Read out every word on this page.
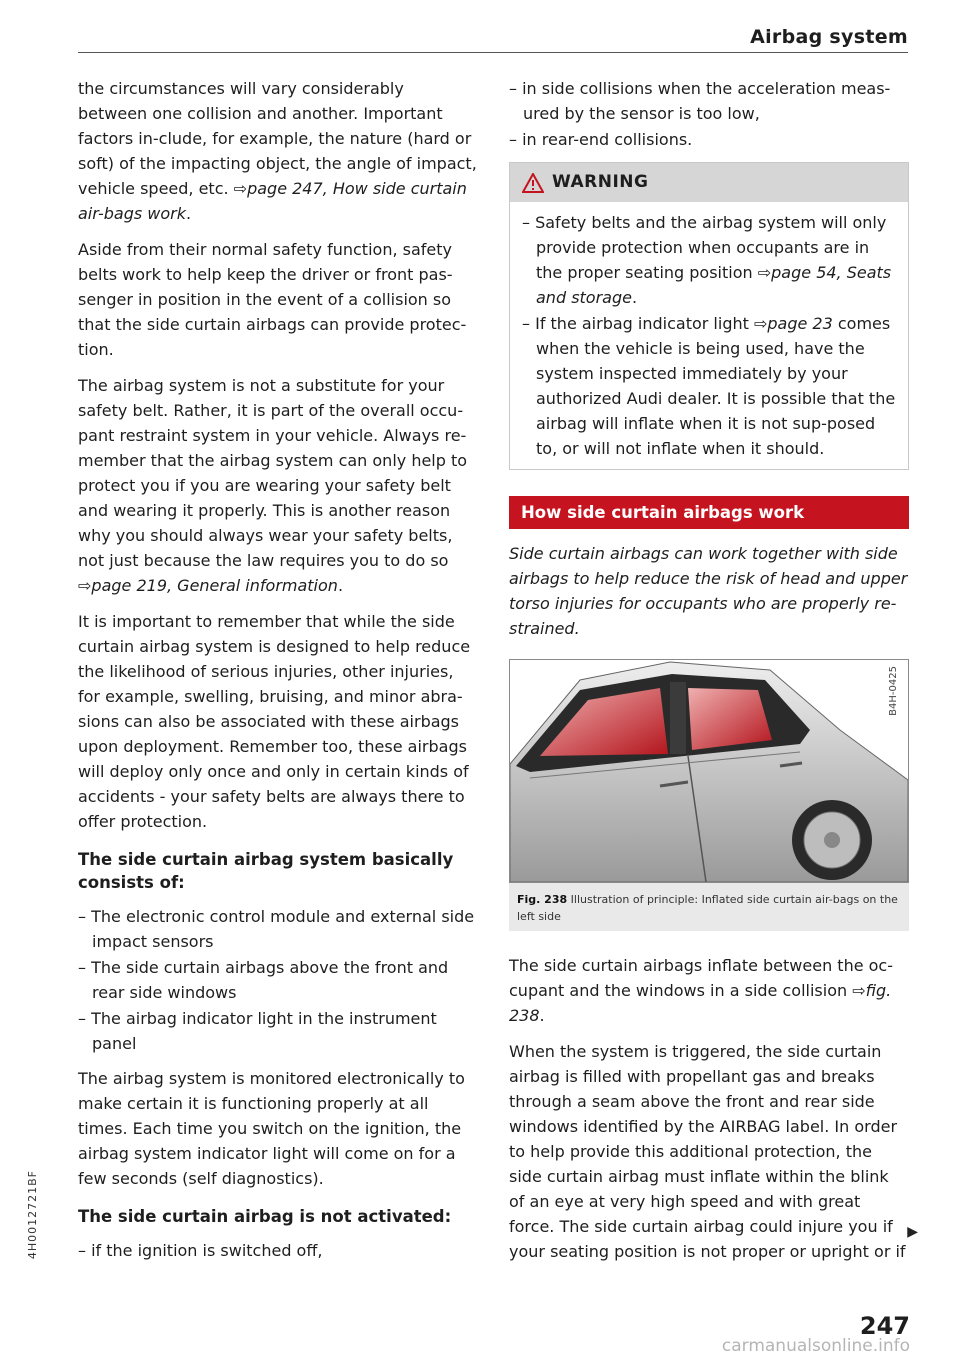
Airbag system

the circumstances will vary considerably between one collision and another. Important factors in-clude, for example, the nature (hard or soft) of the impacting object, the angle of impact, vehicle speed, etc. ⇨page 247, How side curtain air-bags work.

Aside from their normal safety function, safety belts work to help keep the driver or front pas-senger in position in the event of a collision so that the side curtain airbags can provide protec-tion.

The airbag system is not a substitute for your safety belt. Rather, it is part of the overall occu-pant restraint system in your vehicle. Always re-member that the airbag system can only help to protect you if you are wearing your safety belt and wearing it properly. This is another reason why you should always wear your safety belts, not just because the law requires you to do so ⇨page 219, General information.

It is important to remember that while the side curtain airbag system is designed to help reduce the likelihood of serious injuries, other injuries, for example, swelling, bruising, and minor abra-sions can also be associated with these airbags upon deployment. Remember too, these airbags will deploy only once and only in certain kinds of accidents - your safety belts are always there to offer protection.

The side curtain airbag system basically consists of:
– The electronic control module and external side impact sensors
– The side curtain airbags above the front and rear side windows
– The airbag indicator light in the instrument panel

The airbag system is monitored electronically to make certain it is functioning properly at all times. Each time you switch on the ignition, the airbag system indicator light will come on for a few seconds (self diagnostics).

The side curtain airbag is not activated:
– if the ignition is switched off,
– in side collisions when the acceleration meas-ured by the sensor is too low,
– in rear-end collisions.
WARNING
– Safety belts and the airbag system will only provide protection when occupants are in the proper seating position ⇨page 54, Seats and storage.
– If the airbag indicator light ⇨page 23 comes when the vehicle is being used, have the system inspected immediately by your authorized Audi dealer. It is possible that the airbag will inflate when it is not sup-posed to, or will not inflate when it should.
How side curtain airbags work

Side curtain airbags can work together with side airbags to help reduce the risk of head and upper torso injuries for occupants who are properly re-strained.

B4H-0425
Fig. 238 Illustration of principle: Inflated side curtain air-bags on the left side

The side curtain airbags inflate between the oc-cupant and the windows in a side collision ⇨fig. 238.

When the system is triggered, the side curtain airbag is filled with propellant gas and breaks through a seam above the front and rear side windows identified by the AIRBAG label. In order to help provide this additional protection, the side curtain airbag must inflate within the blink of an eye at very high speed and with great force. The side curtain airbag could injure you if your seating position is not proper or upright or if

▶
247
4H0012721BF
carmanualsonline.info
